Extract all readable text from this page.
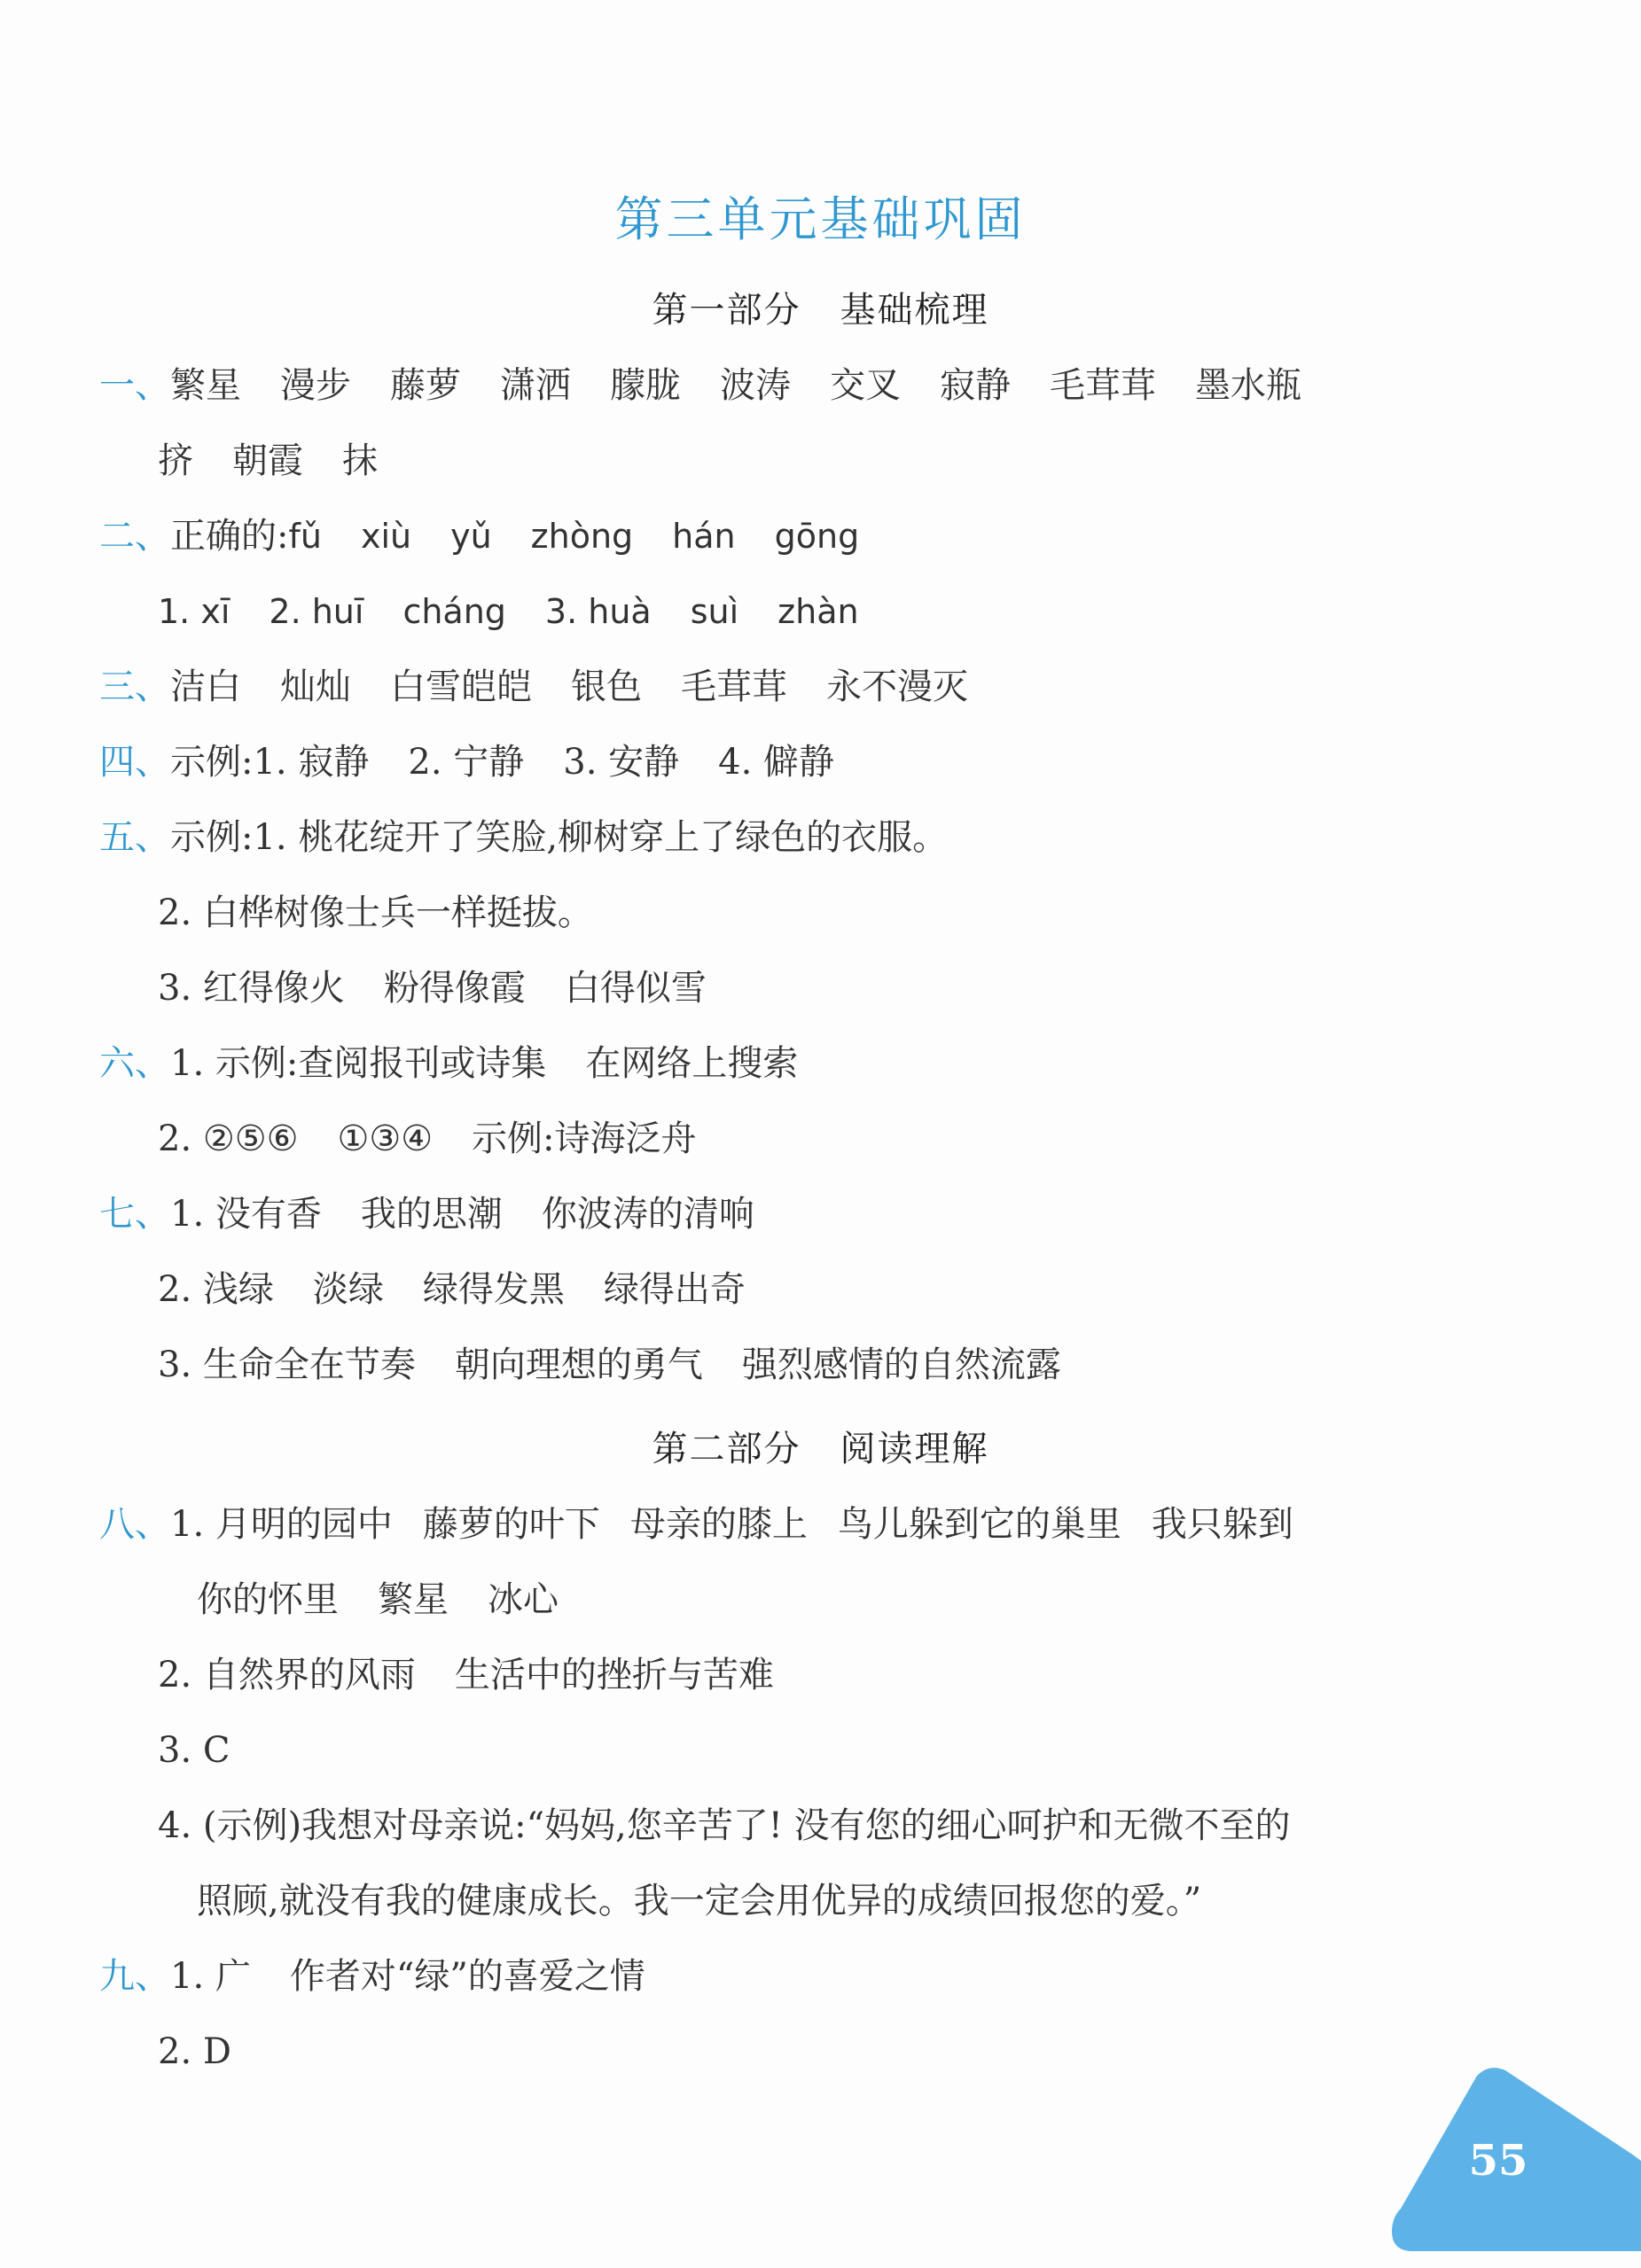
第三单元基础巩固
第一部分 基础梳理
一、繁星 漫步 藤萝 潇洒 朦胧 波涛 交叉 寂静 毛茸茸 墨水瓶
挤 朝霞 抹
二、正确的:fǔ xiù yǔ zhòng hán gōng
1. xī 2. huī cháng 3. huà suì zhàn
三、洁白 灿灿 白雪皑皑 银色 毛茸茸 永不漫灭
四、示例:1. 寂静 2. 宁静 3. 安静 4. 僻静
五、示例:1. 桃花绽开了笑脸,柳树穿上了绿色的衣服。
2. 白桦树像士兵一样挺拔。
3. 红得像火 粉得像霞 白得似雪
六、1. 示例:查阅报刊或诗集 在网络上搜索
2. ②⑤⑥ ①③④ 示例:诗海泛舟
七、1. 没有香 我的思潮 你波涛的清响
2. 浅绿 淡绿 绿得发黑 绿得出奇
3. 生命全在节奏 朝向理想的勇气 强烈感情的自然流露
第二部分 阅读理解
八、1. 月明的园中 藤萝的叶下 母亲的膝上 鸟儿躲到它的巢里 我只躲到
你的怀里 繁星 冰心
2. 自然界的风雨 生活中的挫折与苦难
3. C
4. (示例)我想对母亲说:“妈妈,您辛苦了! 没有您的细心呵护和无微不至的
照顾,就没有我的健康成长。我一定会用优异的成绩回报您的爱。”
九、1. 广 作者对“绿”的喜爱之情
2. D
55
